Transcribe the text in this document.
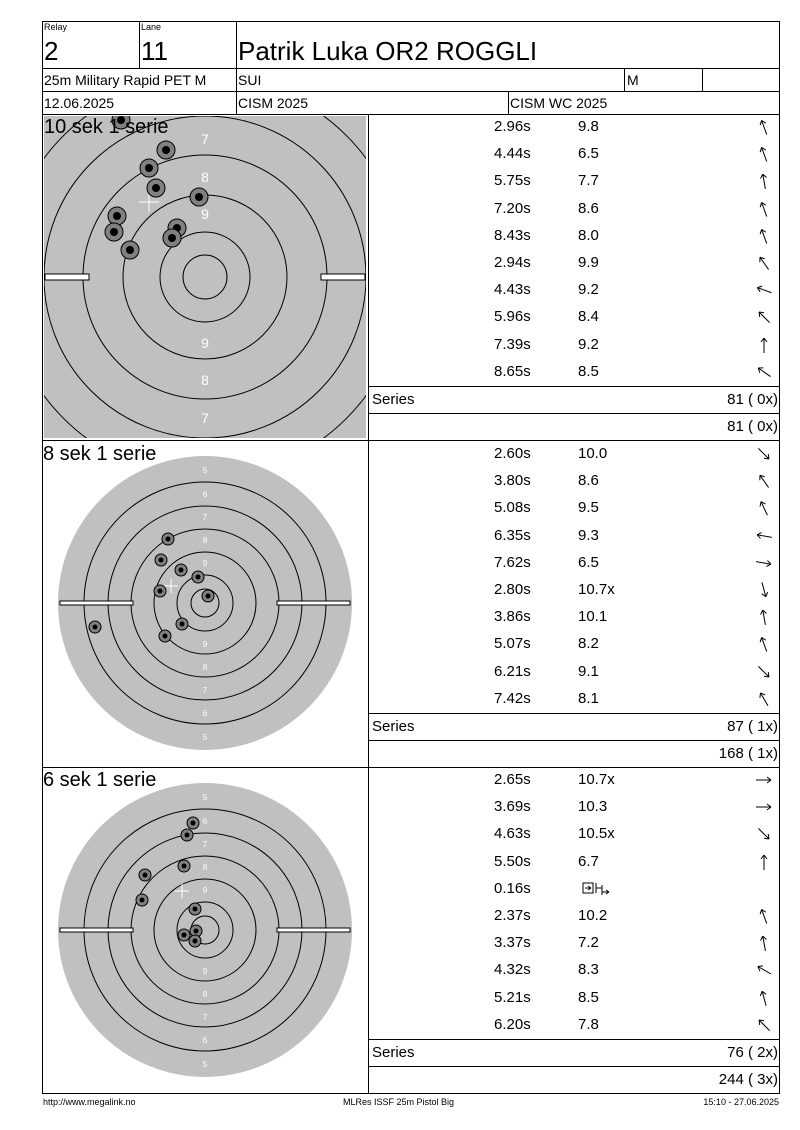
Relay
2
Lane
11	Patrik Luka OR2 ROGGLI
25m Military Rapid PET M SUI	M
12.06.2025	CISM 2025	CISM WC 2025
7
8
9
9
8
7
10 sek 1 serie
5
6
7
8
9
9
8
7
6
5
8 sek 1 serie
5
6
7
8
9
9
8
7
6
5
6 sek 1 serie
2.96s	9.8
4.44s	6.5
5.75s	7.7
7.20s	8.6
8.43s	8.0
2.94s	9.9
4.43s	9.2
5.96s	8.4
7.39s	9.2
8.65s	8.5
2.60s	10.0
3.80s	8.6
5.08s	9.5
6.35s	9.3
7.62s	6.5
2.80s	10.7x
3.86s	10.1
5.07s	8.2
6.21s	9.1
7.42s	8.1
2.65s	10.7x
3.69s	10.3
4.63s	10.5x
5.50s	6.7
0.16s
2.37s	10.2
3.37s	7.2
4.32s	8.3
5.21s	8.5
6.20s	7.8
Series	81 ( 0x)
81 ( 0x)
Series	87 ( 1x)
168 ( 1x)
Series	76 ( 2x)
244 ( 3x)
http://www.megalink.no	MLRes ISSF 25m Pistol Big	15:10 - 27.06.2025
